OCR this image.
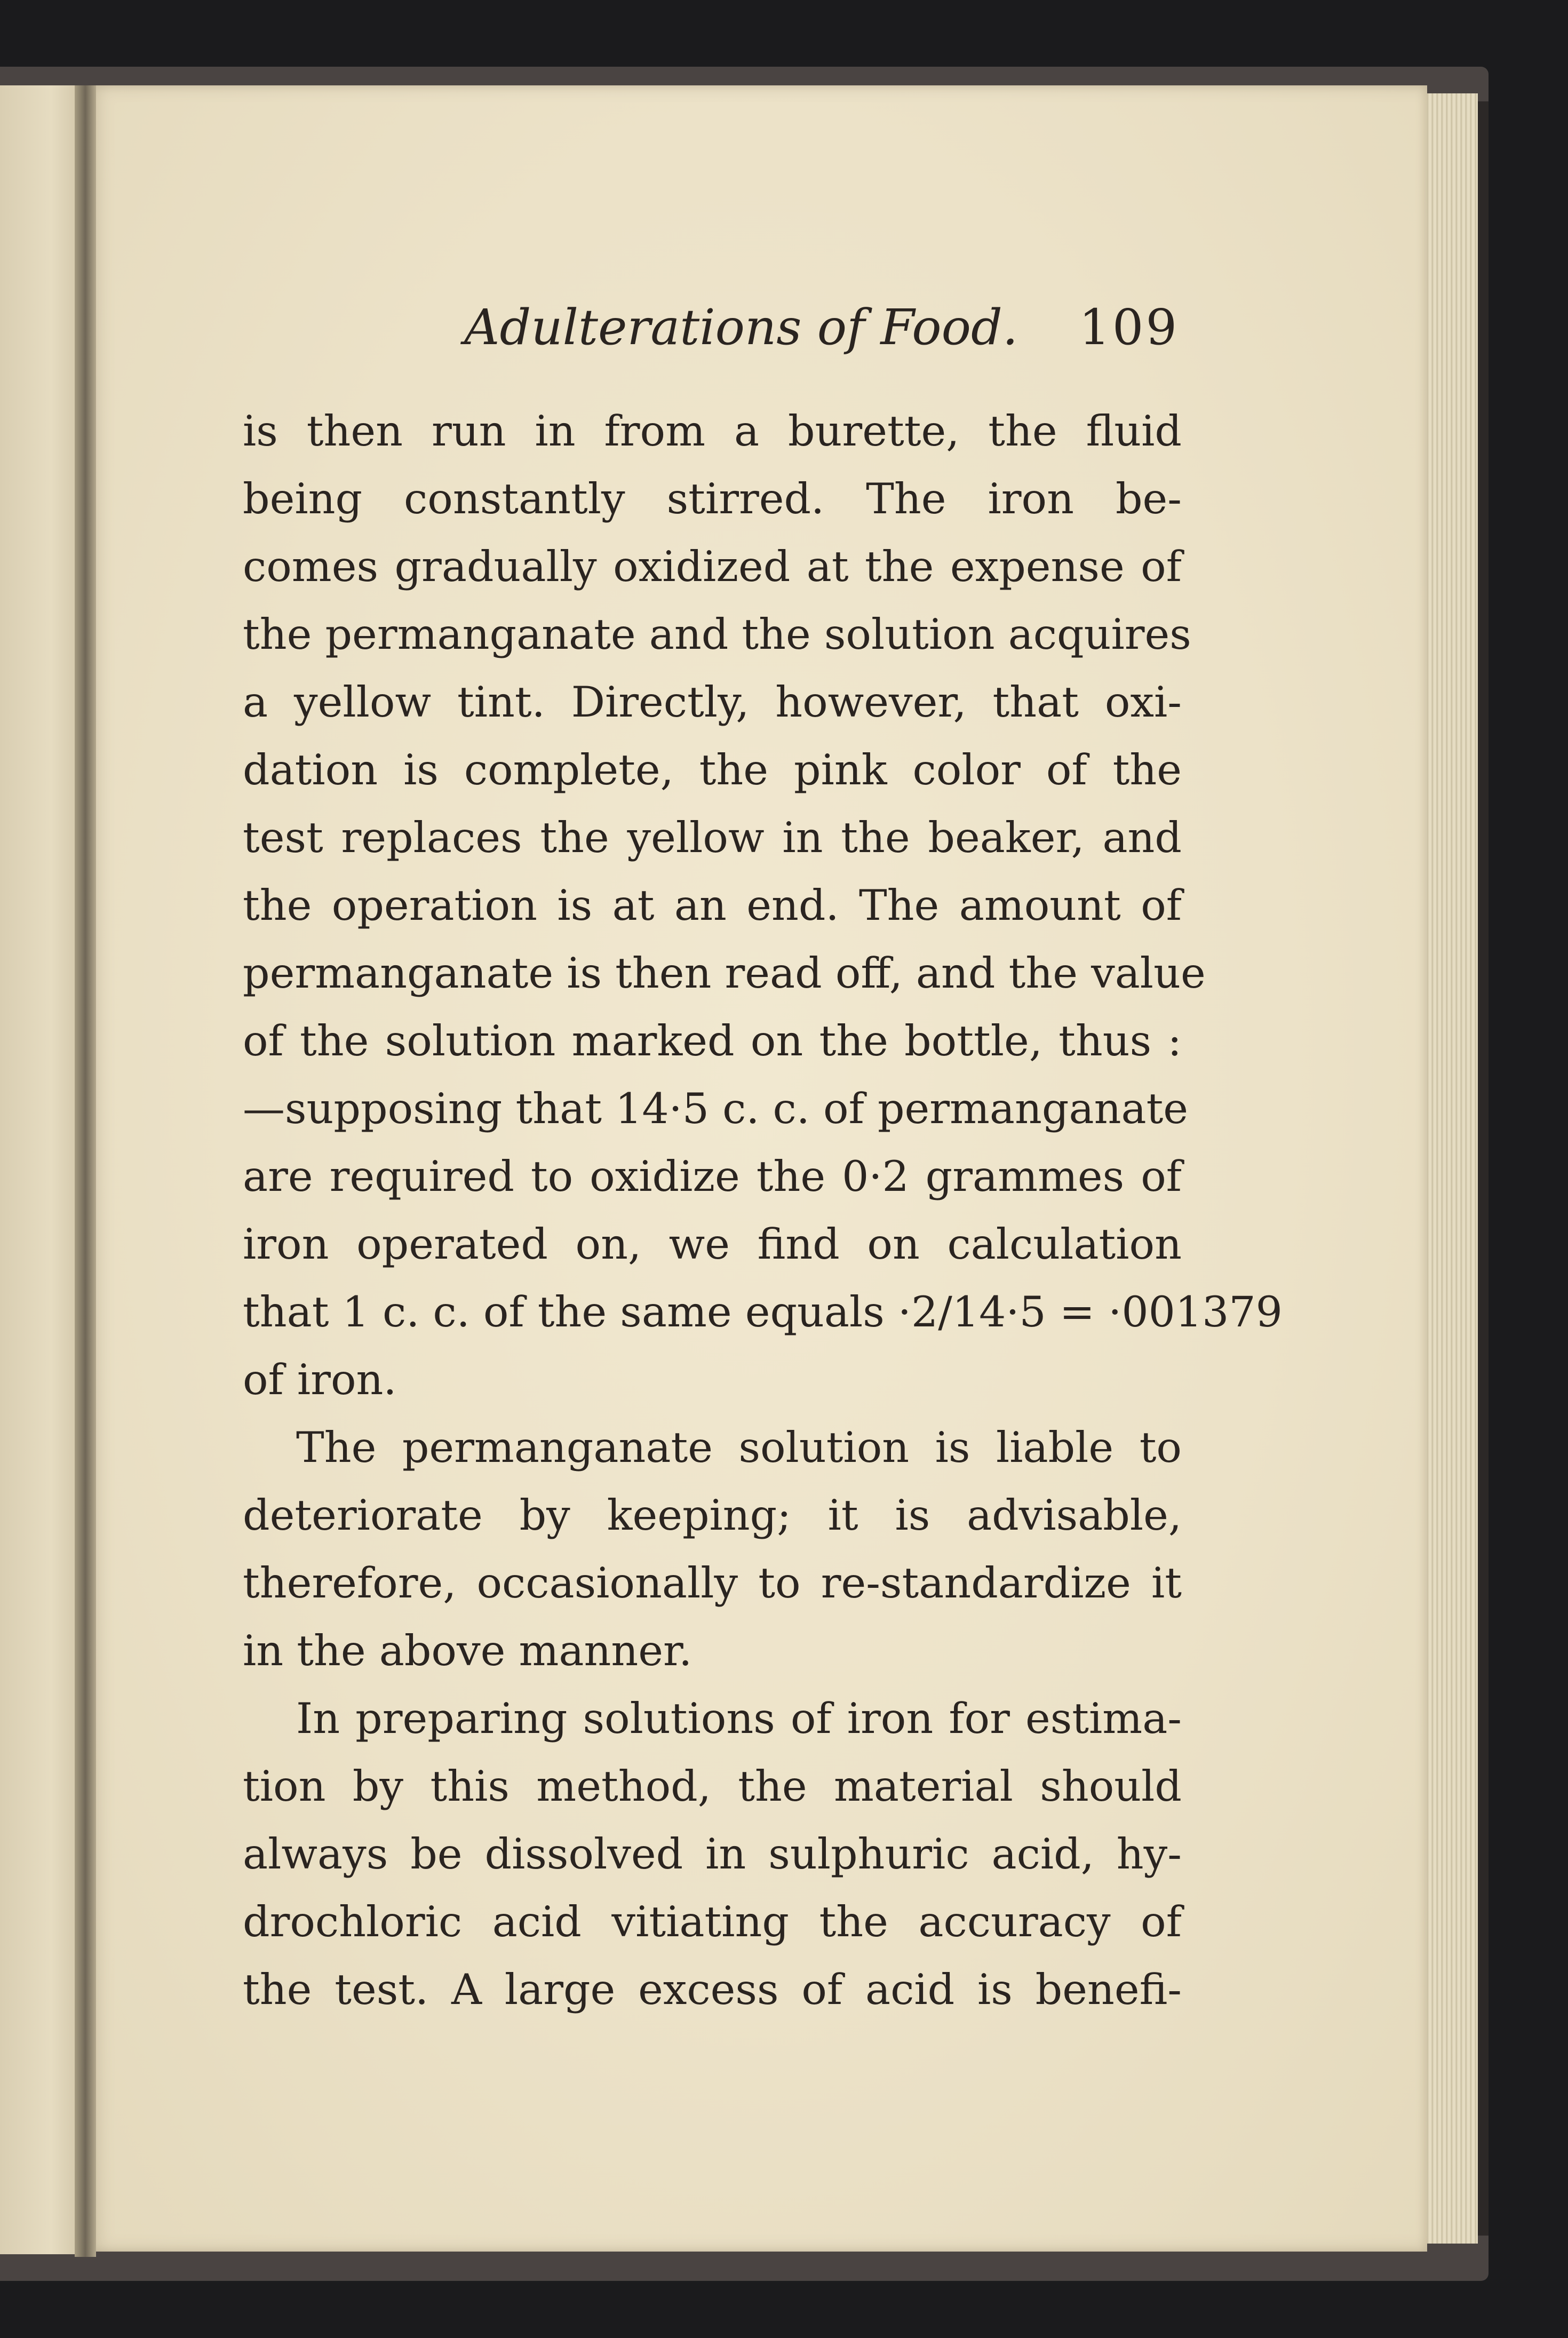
Adulterations of Food. 109
is then run in from a burette, the fluid
being constantly stirred. The iron be-
comes gradually oxidized at the expense of
the permanganate and the solution acquires
a yellow tint. Directly, however, that oxi-
dation is complete, the pink color of the
test replaces the yellow in the beaker, and
the operation is at an end. The amount of
permanganate is then read off, and the value
of the solution marked on the bottle, thus :
—supposing that 14·5 c. c. of permanganate
are required to oxidize the 0·2 grammes of
iron operated on, we find on calculation
that 1 c. c. of the same equals ·2/14·5 = ·001379
of iron.
The permanganate solution is liable to
deteriorate by keeping; it is advisable,
therefore, occasionally to re-standardize it
in the above manner.
In preparing solutions of iron for estima-
tion by this method, the material should
always be dissolved in sulphuric acid, hy-
drochloric acid vitiating the accuracy of
the test. A large excess of acid is benefi-
